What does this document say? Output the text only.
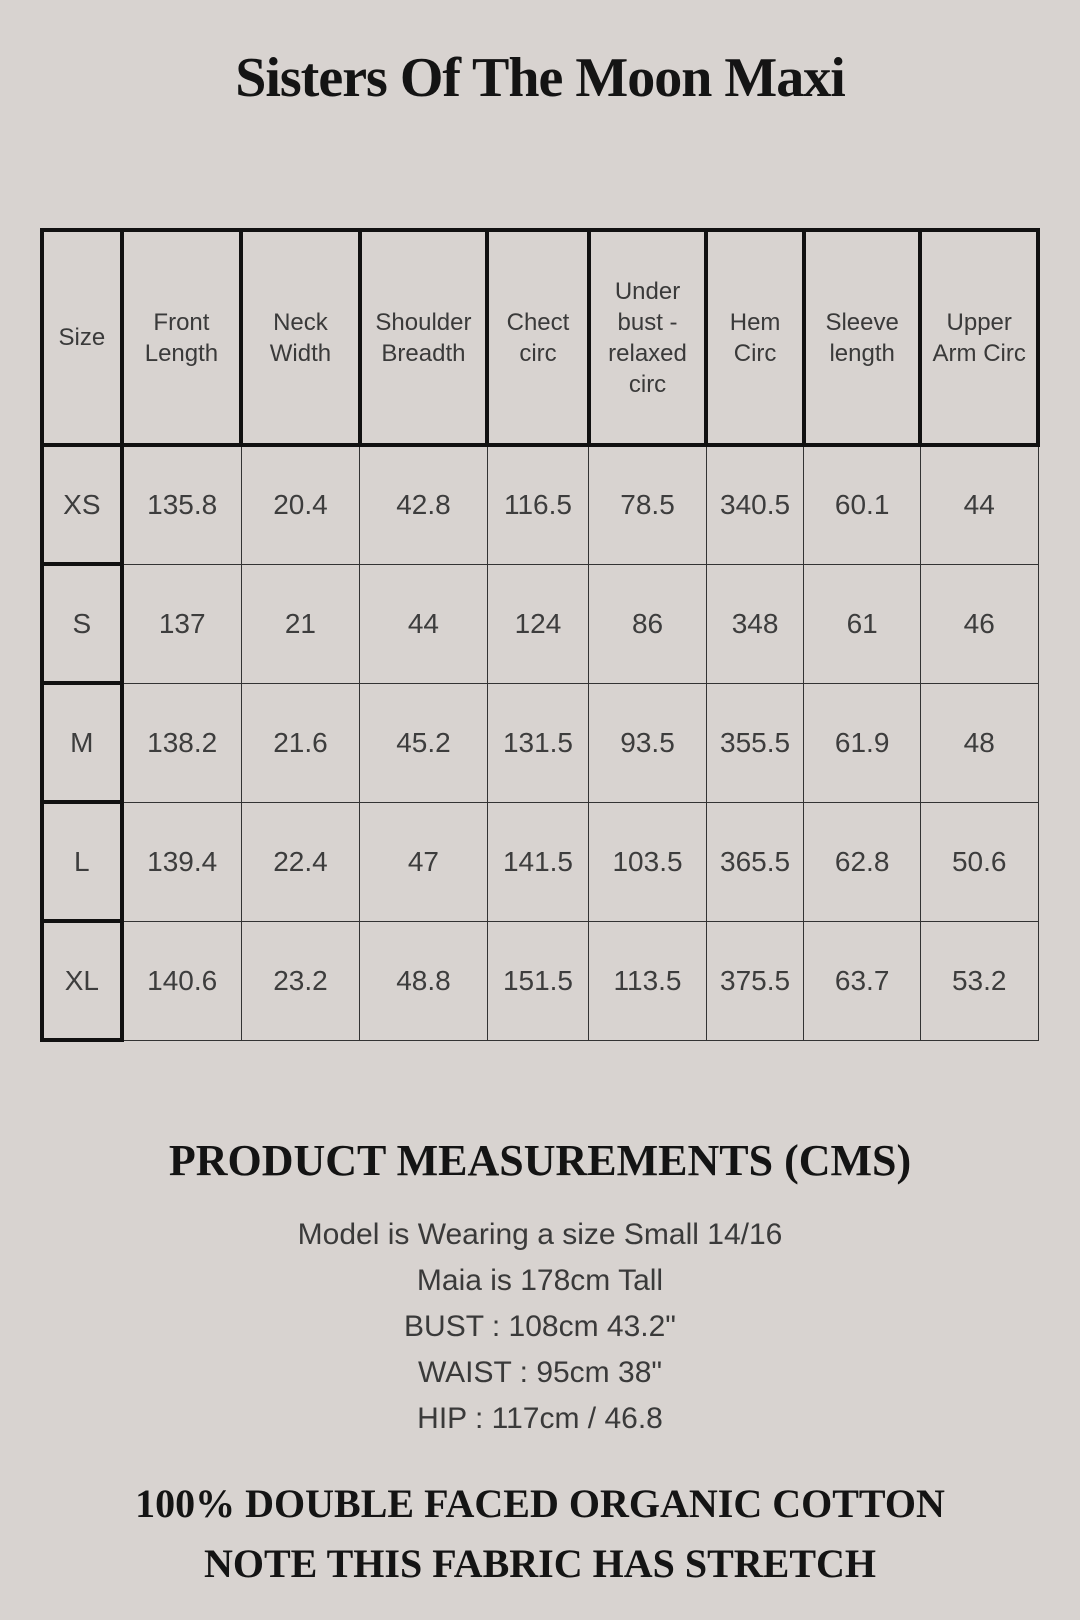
Sisters Of The Moon Maxi
Size	Front Length	Neck Width	Shoulder Breadth	Chect circ	Under bust - relaxed circ	Hem Circ	Sleeve length	Upper Arm Circ
XS	135.8	20.4	42.8	116.5	78.5	340.5	60.1	44
S	137	21	44	124	86	348	61	46
M	138.2	21.6	45.2	131.5	93.5	355.5	61.9	48
L	139.4	22.4	47	141.5	103.5	365.5	62.8	50.6
XL	140.6	23.2	48.8	151.5	113.5	375.5	63.7	53.2
PRODUCT MEASUREMENTS (CMS)
Model is Wearing a size Small 14/16
Maia is 178cm Tall
BUST : 108cm 43.2"
WAIST : 95cm 38"
HIP : 117cm / 46.8
100% DOUBLE FACED ORGANIC COTTON
NOTE THIS FABRIC HAS STRETCH
